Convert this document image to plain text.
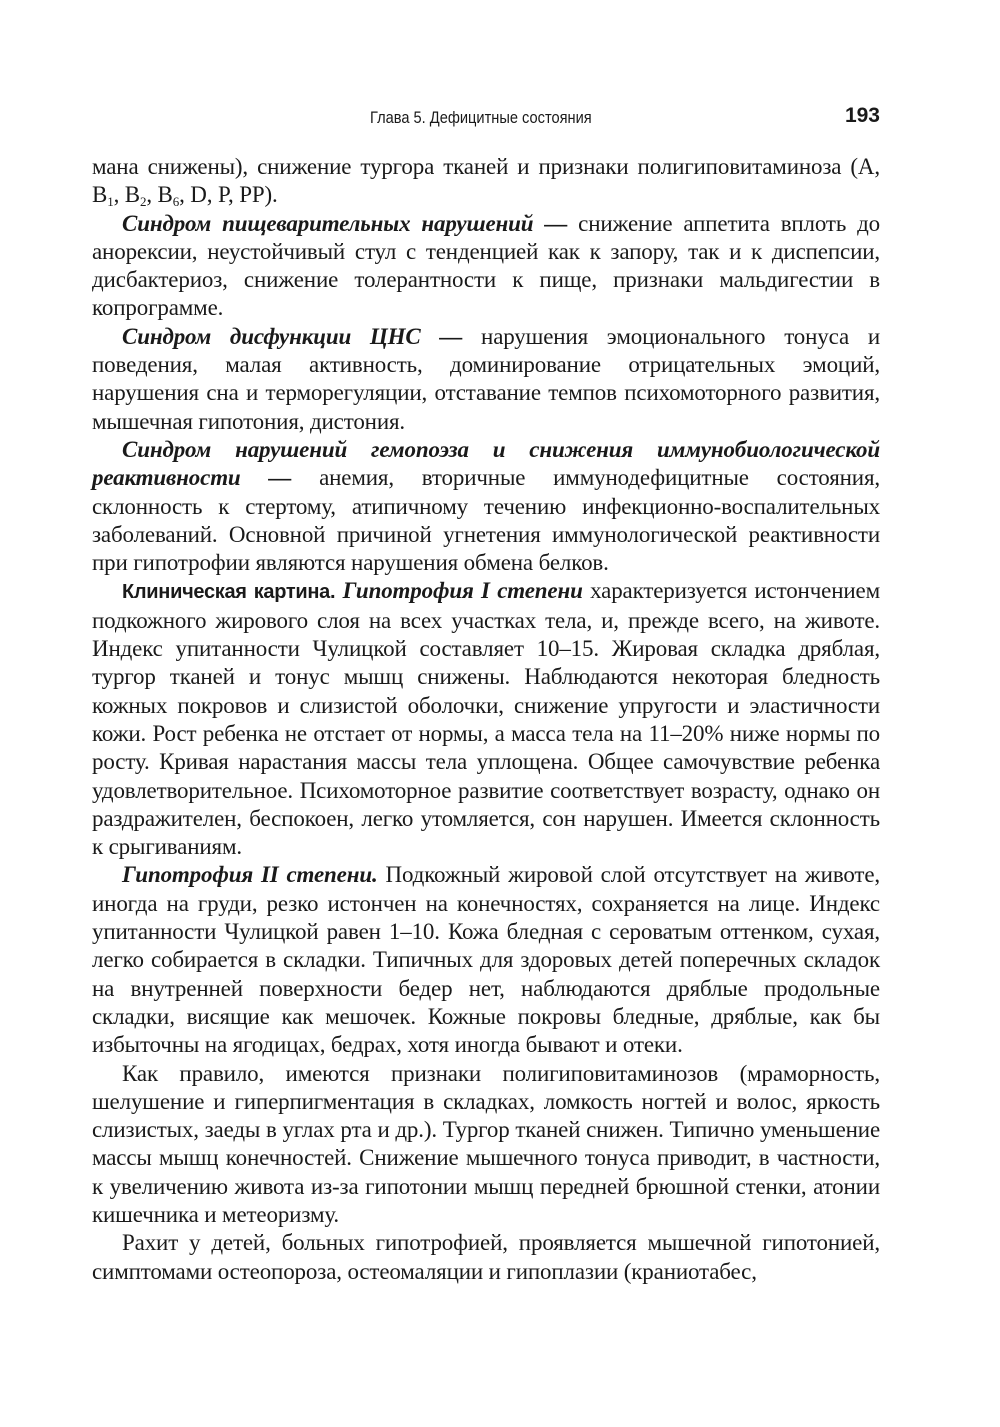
Глава 5. Дефицитные состояния	193

мана снижены), снижение тургора тканей и признаки полигиповитаминоза (A, $B_1$, $B_2$, $B_6$, D, P, PP).

Синдром пищеварительных нарушений — снижение аппетита вплоть до анорексии, неустойчивый стул с тенденцией как к запору, так и к диспепсии, дисбактериоз, снижение толерантности к пище, признаки мальдигестии в копрограмме.

Синдром дисфункции ЦНС — нарушения эмоционального тонуса и поведения, малая активность, доминирование отрицательных эмоций, нарушения сна и терморегуляции, отставание темпов психомоторного развития, мышечная гипотония, дистония.

Синдром нарушений гемопоэза и снижения иммунобиологической реактивности — анемия, вторичные иммунодефицитные состояния, склонность к стертому, атипичному течению инфекционно-воспалительных заболеваний. Основной причиной угнетения иммунологической реактивности при гипотрофии являются нарушения обмена белков.

Клиническая картина. Гипотрофия I степени характеризуется истончением подкожного жирового слоя на всех участках тела, и, прежде всего, на животе. Индекс упитанности Чулицкой составляет 10–15. Жировая складка дряблая, тургор тканей и тонус мышц снижены. Наблюдаются некоторая бледность кожных покровов и слизистой оболочки, снижение упругости и эластичности кожи. Рост ребенка не отстает от нормы, а масса тела на 11–20% ниже нормы по росту. Кривая нарастания массы тела уплощена. Общее самочувствие ребенка удовлетворительное. Психомоторное развитие соответствует возрасту, однако он раздражителен, беспокоен, легко утомляется, сон нарушен. Имеется склонность к срыгиваниям.

Гипотрофия II степени. Подкожный жировой слой отсутствует на животе, иногда на груди, резко истончен на конечностях, сохраняется на лице. Индекс упитанности Чулицкой равен 1–10. Кожа бледная с сероватым оттенком, сухая, легко собирается в складки. Типичных для здоровых детей поперечных складок на внутренней поверхности бедер нет, наблюдаются дряблые продольные складки, висящие как мешочек. Кожные покровы бледные, дряблые, как бы избыточны на ягодицах, бедрах, хотя иногда бывают и отеки.

Как правило, имеются признаки полигиповитаминозов (мраморность, шелушение и гиперпигментация в складках, ломкость ногтей и волос, яркость слизистых, заеды в углах рта и др.). Тургор тканей снижен. Типично уменьшение массы мышц конечностей. Снижение мышечного тонуса приводит, в частности, к увеличению живота из-за гипотонии мышц передней брюшной стенки, атонии кишечника и метеоризму.

Рахит у детей, больных гипотрофией, проявляется мышечной гипотонией, симптомами остеопороза, остеомаляции и гипоплазии (краниотабес,
